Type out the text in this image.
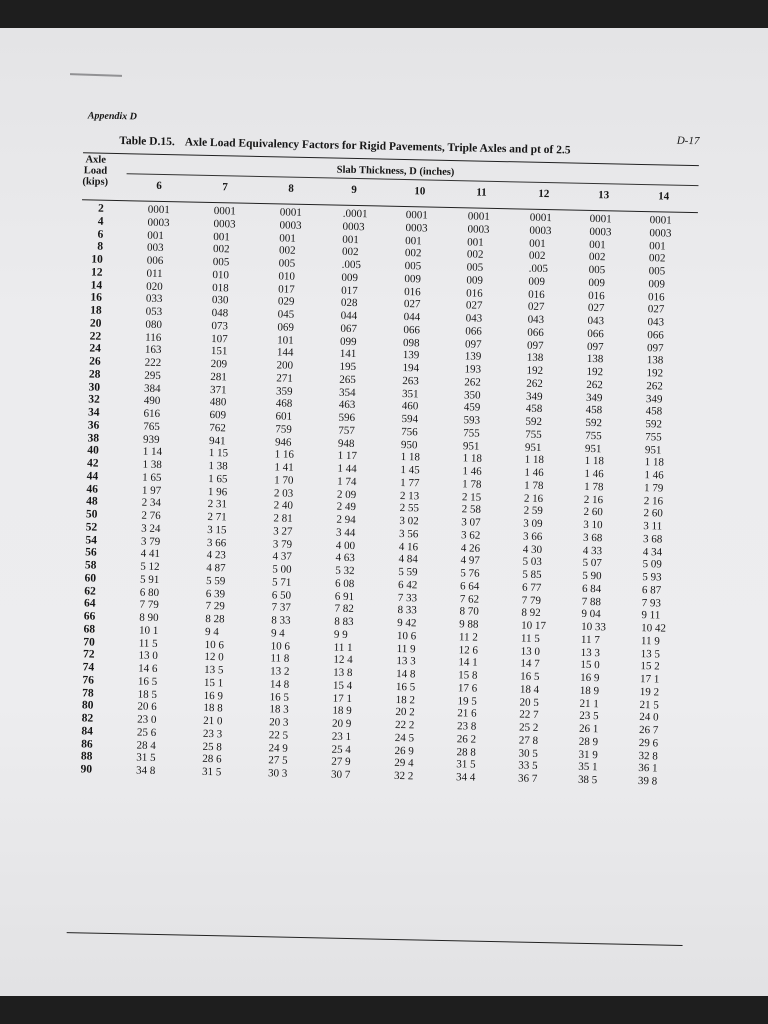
Appendix D
D-17
Table D.15. Axle Load Equivalency Factors for Rigid Pavements, Triple Axles and pt of 2.5
Axle
Load
(kips)
Slab Thickness, D (inches)
6	7	8	9	10	11	12	13	14
2	0001	0001	0001	.0001	0001	0001	0001	0001	0001
4	0003	0003	0003	0003	0003	0003	0003	0003	0003
6	001	001	001	001	001	001	001	001	001
8	003	002	002	002	002	002	002	002	002
10	006	005	005	.005	005	005	.005	005	005
12	011	010	010	009	009	009	009	009	009
14	020	018	017	017	016	016	016	016	016
16	033	030	029	028	027	027	027	027	027
18	053	048	045	044	044	043	043	043	043
20	080	073	069	067	066	066	066	066	066
22	116	107	101	099	098	097	097	097	097
24	163	151	144	141	139	139	138	138	138
26	222	209	200	195	194	193	192	192	192
28	295	281	271	265	263	262	262	262	262
30	384	371	359	354	351	350	349	349	349
32	490	480	468	463	460	459	458	458	458
34	616	609	601	596	594	593	592	592	592
36	765	762	759	757	756	755	755	755	755
38	939	941	946	948	950	951	951	951	951
40	1 14	1 15	1 16	1 17	1 18	1 18	1 18	1 18	1 18
42	1 38	1 38	1 41	1 44	1 45	1 46	1 46	1 46	1 46
44	1 65	1 65	1 70	1 74	1 77	1 78	1 78	1 78	1 79
46	1 97	1 96	2 03	2 09	2 13	2 15	2 16	2 16	2 16
48	2 34	2 31	2 40	2 49	2 55	2 58	2 59	2 60	2 60
50	2 76	2 71	2 81	2 94	3 02	3 07	3 09	3 10	3 11
52	3 24	3 15	3 27	3 44	3 56	3 62	3 66	3 68	3 68
54	3 79	3 66	3 79	4 00	4 16	4 26	4 30	4 33	4 34
56	4 41	4 23	4 37	4 63	4 84	4 97	5 03	5 07	5 09
58	5 12	4 87	5 00	5 32	5 59	5 76	5 85	5 90	5 93
60	5 91	5 59	5 71	6 08	6 42	6 64	6 77	6 84	6 87
62	6 80	6 39	6 50	6 91	7 33	7 62	7 79	7 88	7 93
64	7 79	7 29	7 37	7 82	8 33	8 70	8 92	9 04	9 11
66	8 90	8 28	8 33	8 83	9 42	9 88	10 17	10 33	10 42
68	10 1	9 4	9 4	9 9	10 6	11 2	11 5	11 7	11 9
70	11 5	10 6	10 6	11 1	11 9	12 6	13 0	13 3	13 5
72	13 0	12 0	11 8	12 4	13 3	14 1	14 7	15 0	15 2
74	14 6	13 5	13 2	13 8	14 8	15 8	16 5	16 9	17 1
76	16 5	15 1	14 8	15 4	16 5	17 6	18 4	18 9	19 2
78	18 5	16 9	16 5	17 1	18 2	19 5	20 5	21 1	21 5
80	20 6	18 8	18 3	18 9	20 2	21 6	22 7	23 5	24 0
82	23 0	21 0	20 3	20 9	22 2	23 8	25 2	26 1	26 7
84	25 6	23 3	22 5	23 1	24 5	26 2	27 8	28 9	29 6
86	28 4	25 8	24 9	25 4	26 9	28 8	30 5	31 9	32 8
88	31 5	28 6	27 5	27 9	29 4	31 5	33 5	35 1	36 1
90	34 8	31 5	30 3	30 7	32 2	34 4	36 7	38 5	39 8
